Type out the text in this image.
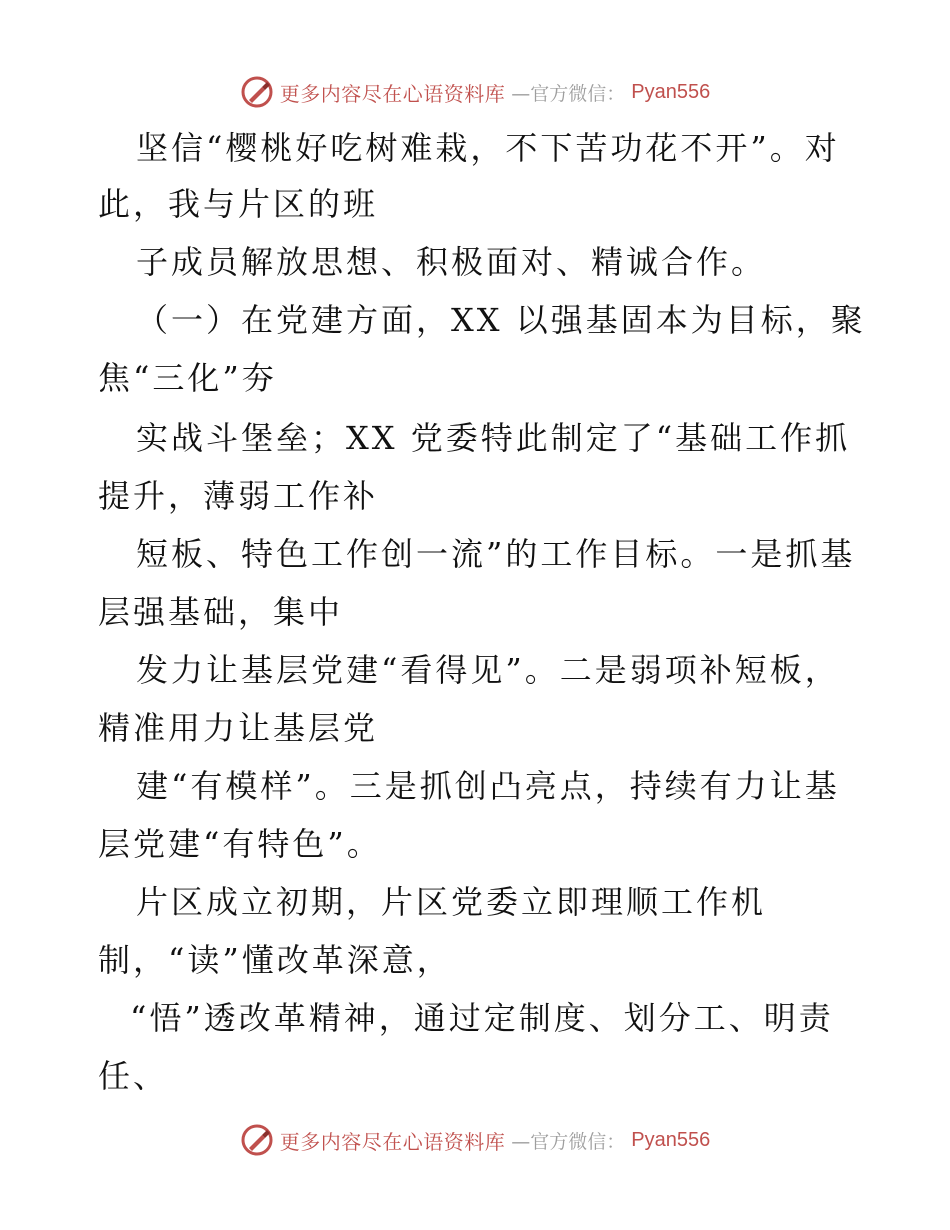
更多内容尽在心语资料库 —官方微信： Pyan556
坚信“樱桃好吃树难栽，不下苦功花不开”。对
此，我与片区的班
子成员解放思想、积极面对、精诚合作。
（一）在党建方面，XX 以强基固本为目标，聚
焦“三化”夯
实战斗堡垒；XX 党委特此制定了“基础工作抓
提升，薄弱工作补
短板、特色工作创一流”的工作目标。一是抓基
层强基础，集中
发力让基层党建“看得见”。二是弱项补短板，
精准用力让基层党
建“有模样”。三是抓创凸亮点，持续有力让基
层党建“有特色”。
片区成立初期，片区党委立即理顺工作机
制，“读”懂改革深意，
“悟”透改革精神，通过定制度、划分工、明责
任、
更多内容尽在心语资料库 —官方微信： Pyan556
